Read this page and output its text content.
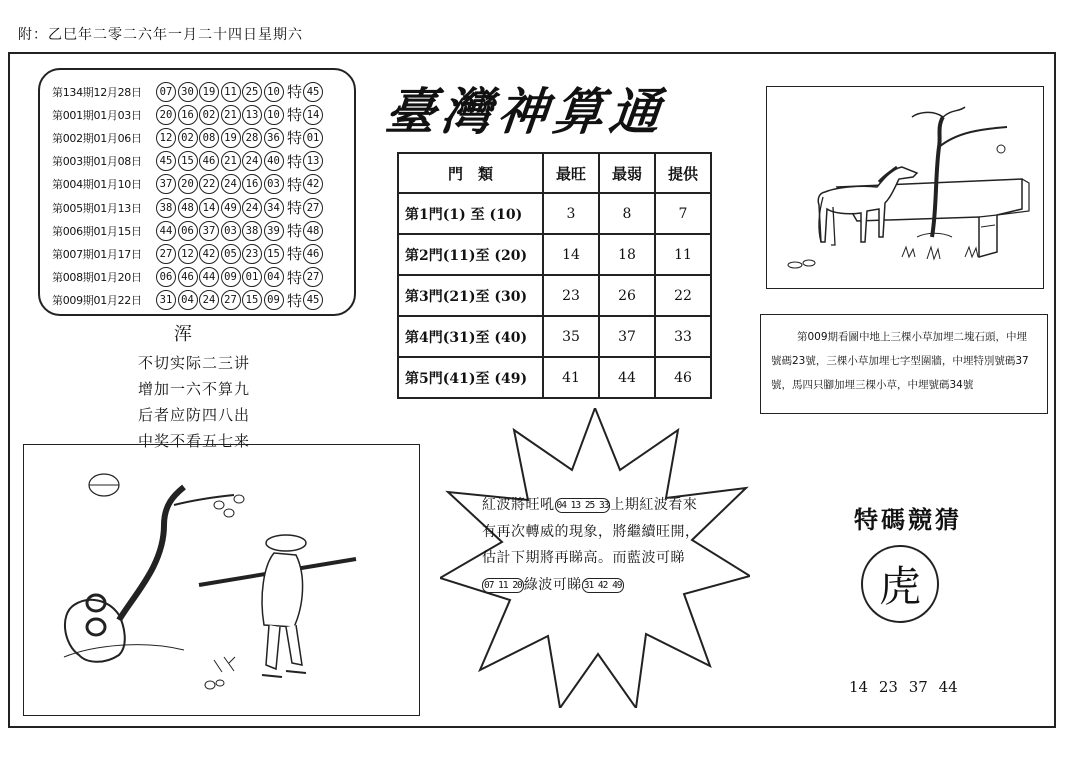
附：乙巳年二零二六年一月二十四日星期六
第134期12月28日	07 30 19 11 25 10 特 45
第001期01月03日	20 16 02 21 13 10 特 14
第002期01月06日	12 02 08 19 28 36 特 01
第003期01月08日	45 15 46 21 24 40 特 13
第004期01月10日	37 20 22 24 16 03 特 42
第005期01月13日	38 48 14 49 24 34 特 27
第006期01月15日	44 06 37 03 38 39 特 48
第007期01月17日	27 12 42 05 23 15 特 46
第008期01月20日	06 46 44 09 01 04 特 27
第009期01月22日	31 04 24 27 15 09 特 45
浑
不切实际二三讲
增加一六不算九
后者应防四八出
中奖不看五七来
臺灣神算通
門　類	最旺	最弱	提供
第1門(1) 至 (10)	3	8	7
第2門(11)至 (20)	14	18	11
第3門(21)至 (30)	23	26	22
第4門(31)至 (40)	35	37	33
第5門(41)至 (49)	41	44	46
第009期看圖中地上三棵小草加埋二塊石頭，中埋號碼23號，三棵小草加埋七字型圍牆，中埋特別號碼37號，馬四只腳加埋三棵小草，中埋號碼34號
紅波將旺吼 04 13 25 33 上期紅波看來有再次轉威的現象，將繼續旺開，估計下期將再睇高。而藍波可睇07 11 20 綠波可睇 31 42 49
特碼競猜
虎
14 23 37 44
